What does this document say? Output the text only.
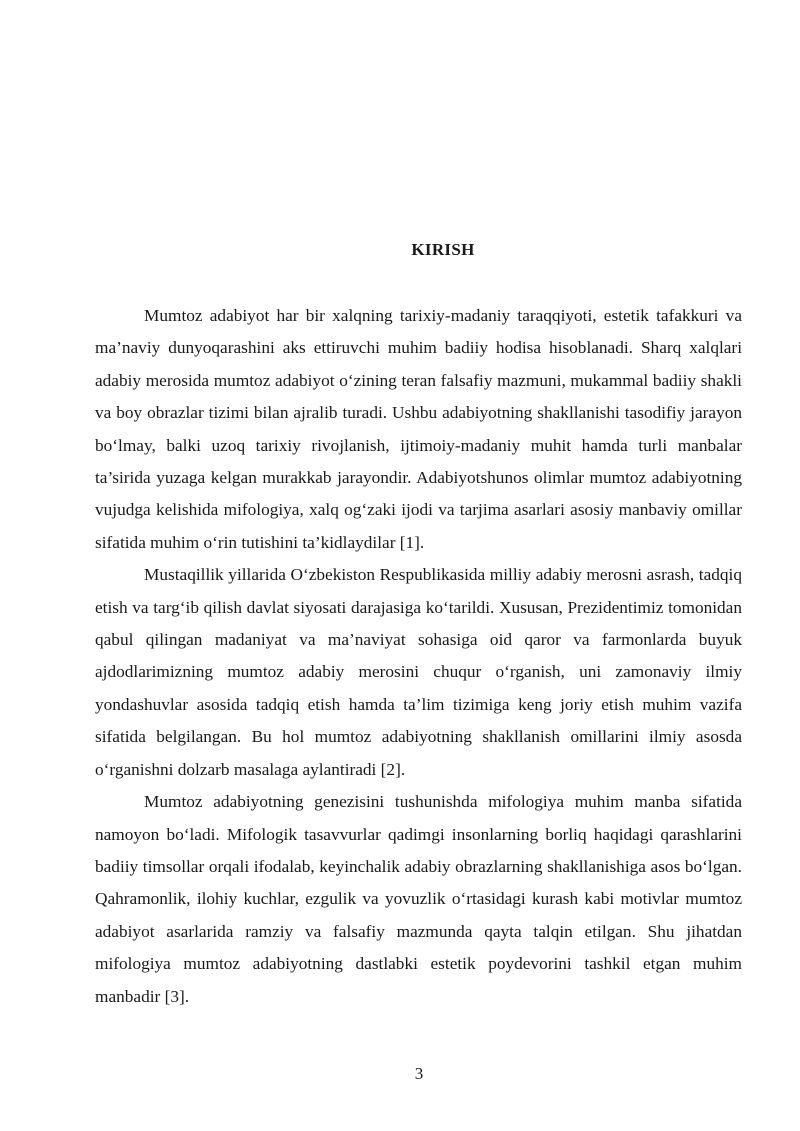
KIRISH

Mumtoz adabiyot har bir xalqning tarixiy-madaniy taraqqiyoti, estetik tafakkuri va ma’naviy dunyoqarashini aks ettiruvchi muhim badiiy hodisa hisoblanadi. Sharq xalqlari adabiy merosida mumtoz adabiyot o‘zining teran falsafiy mazmuni, mukammal badiiy shakli va boy obrazlar tizimi bilan ajralib turadi. Ushbu adabiyotning shakllanishi tasodifiy jarayon bo‘lmay, balki uzoq tarixiy rivojlanish, ijtimoiy-madaniy muhit hamda turli manbalar ta’sirida yuzaga kelgan murakkab jarayondir. Adabiyotshunos olimlar mumtoz adabiyotning vujudga kelishida mifologiya, xalq og‘zaki ijodi va tarjima asarlari asosiy manbaviy omillar sifatida muhim o‘rin tutishini ta’kidlaydilar [1].

Mustaqillik yillarida O‘zbekiston Respublikasida milliy adabiy merosni asrash, tadqiq etish va targ‘ib qilish davlat siyosati darajasiga ko‘tarildi. Xususan, Prezidentimiz tomonidan qabul qilingan madaniyat va ma’naviyat sohasiga oid qaror va farmonlarda buyuk ajdodlarimizning mumtoz adabiy merosini chuqur o‘rganish, uni zamonaviy ilmiy yondashuvlar asosida tadqiq etish hamda ta’lim tizimiga keng joriy etish muhim vazifa sifatida belgilangan. Bu hol mumtoz adabiyotning shakllanish omillarini ilmiy asosda o‘rganishni dolzarb masalaga aylantiradi [2].

Mumtoz adabiyotning genezisini tushunishda mifologiya muhim manba sifatida namoyon bo‘ladi. Mifologik tasavvurlar qadimgi insonlarning borliq haqidagi qarashlarini badiiy timsollar orqali ifodalab, keyinchalik adabiy obrazlarning shakllanishiga asos bo‘lgan. Qahramonlik, ilohiy kuchlar, ezgulik va yovuzlik o‘rtasidagi kurash kabi motivlar mumtoz adabiyot asarlarida ramziy va falsafiy mazmunda qayta talqin etilgan. Shu jihatdan mifologiya mumtoz adabiyotning dastlabki estetik poydevorini tashkil etgan muhim manbadir [3].

3
